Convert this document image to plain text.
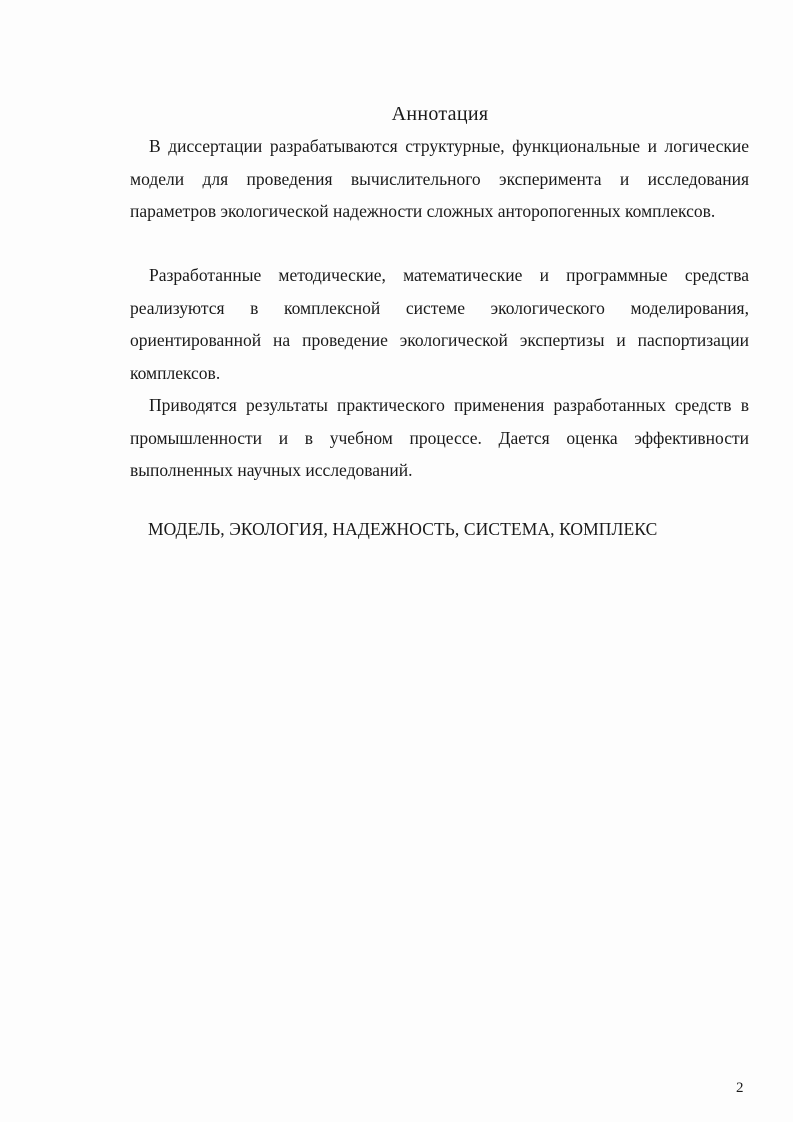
Аннотация

В диссертации разрабатываются структурные, функциональные и логические модели для проведения вычислительного эксперимента и исследования параметров экологической надежности сложных анторопогенных комплексов.

Разработанные методические, математические и программные средства реализуются в комплексной системе экологического моделирования, ориентированной на проведение экологической экспертизы и паспортизации комплексов.

Приводятся результаты практического применения разработанных средств в промышленности и в учебном процессе. Дается оценка эффективности выполненных научных исследований.

МОДЕЛЬ, ЭКОЛОГИЯ, НАДЕЖНОСТЬ, СИСТЕМА, КОМПЛЕКС
2
